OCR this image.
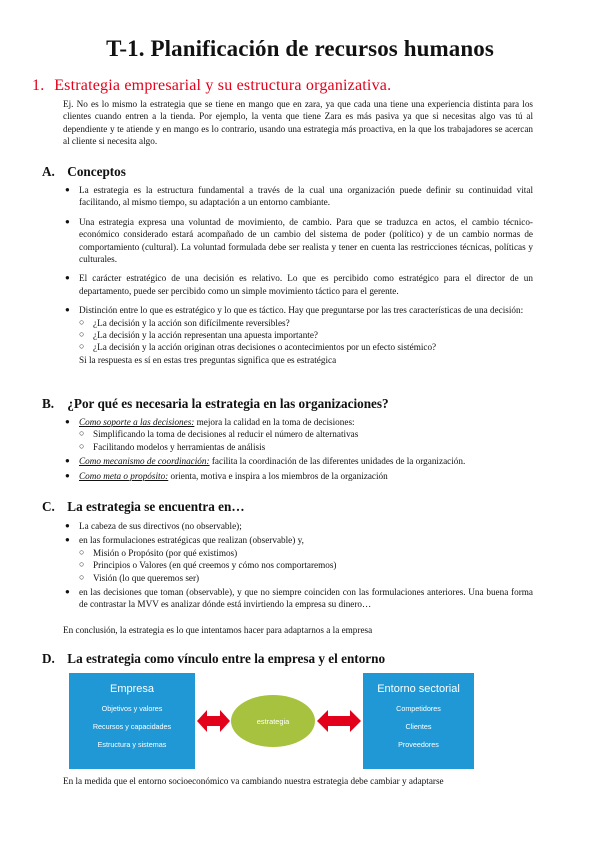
T-1. Planificación de recursos humanos
1. Estrategia empresarial y su estructura organizativa.

Ej. No es lo mismo la estrategia que se tiene en mango que en zara, ya que cada una tiene una experiencia distinta para los clientes cuando entren a la tienda. Por ejemplo, la venta que tiene Zara es más pasiva ya que si necesitas algo vas tú al dependiente y te atiende y en mango es lo contrario, usando una estrategia más proactiva, en la que los trabajadores se acercan al cliente si necesita algo.

A. Conceptos
● La estrategia es la estructura fundamental a través de la cual una organización puede definir su continuidad vital facilitando, al mismo tiempo, su adaptación a un entorno cambiante.
● Una estrategia expresa una voluntad de movimiento, de cambio. Para que se traduzca en actos, el cambio técnico-económico considerado estará acompañado de un cambio del sistema de poder (político) y de un cambio normas de comportamiento (cultural). La voluntad formulada debe ser realista y tener en cuenta las restricciones técnicas, políticas y culturales.
● El carácter estratégico de una decisión es relativo. Lo que es percibido como estratégico para el director de un departamento, puede ser percibido como un simple movimiento táctico para el gerente.
● Distinción entre lo que es estratégico y lo que es táctico. Hay que preguntarse por las tres características de una decisión:
○ ¿La decisión y la acción son difícilmente reversibles?
○ ¿La decisión y la acción representan una apuesta importante?
○ ¿La decisión y la acción originan otras decisiones o acontecimientos por un efecto sistémico?
Si la respuesta es sí en estas tres preguntas significa que es estratégica
B. ¿Por qué es necesaria la estrategia en las organizaciones?
● Como soporte a las decisiones: mejora la calidad en la toma de decisiones:
○ Simplificando la toma de decisiones al reducir el número de alternativas
○ Facilitando modelos y herramientas de análisis
● Como mecanismo de coordinación: facilita la coordinación de las diferentes unidades de la organización.
● Como meta o propósito: orienta, motiva e inspira a los miembros de la organización
C. La estrategia se encuentra en…
● La cabeza de sus directivos (no observable);
● en las formulaciones estratégicas que realizan (observable) y,
○ Misión o Propósito (por qué existimos)
○ Principios o Valores (en qué creemos y cómo nos comportaremos)
○ Visión (lo que queremos ser)
● en las decisiones que toman (observable), y que no siempre coinciden con las formulaciones anteriores. Una buena forma de contrastar la MVV es analizar dónde está invirtiendo la empresa su dinero…

En conclusión, la estrategia es lo que intentamos hacer para adaptarnos a la empresa

D. La estrategia como vínculo entre la empresa y el entorno
Empresa
Objetivos y valores
Recursos y capacidades
Estructura y sistemas
estrategia
Entorno sectorial
Competidores
Clientes
Proveedores

En la medida que el entorno socioeconómico va cambiando nuestra estrategia debe cambiar y adaptarse
